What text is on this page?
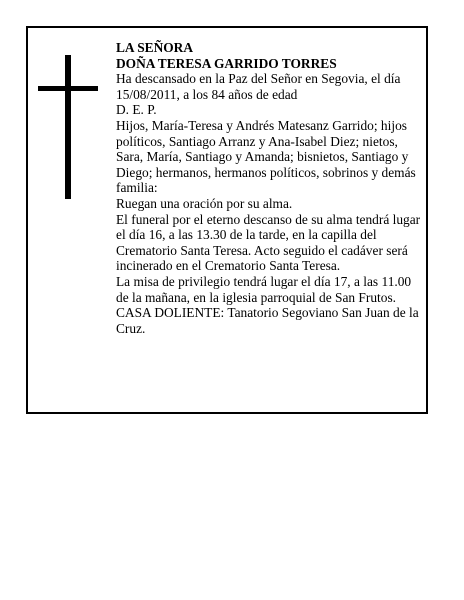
LA SEÑORA

DOÑA TERESA GARRIDO TORRES

Ha descansado en la Paz del Señor en Segovia, el día 15/08/2011, a los 84 años de edad

D. E. P.

Hijos, María-Teresa y Andrés Matesanz Garrido; hijos políticos, Santiago Arranz y Ana-Isabel Diez; nietos, Sara, María, Santiago y Amanda; bisnietos, Santiago y Diego; hermanos, hermanos políticos, sobrinos y demás familia:

Ruegan una oración por su alma.

El funeral por el eterno descanso de su alma tendrá lugar el día 16, a las 13.30 de la tarde, en la capilla del Crematorio Santa Teresa. Acto seguido el cadáver será incinerado en el Crematorio Santa Teresa.

La misa de privilegio tendrá lugar el día 17, a las 11.00 de la mañana, en la iglesia parroquial de San Frutos.

CASA DOLIENTE: Tanatorio Segoviano San Juan de la Cruz.
